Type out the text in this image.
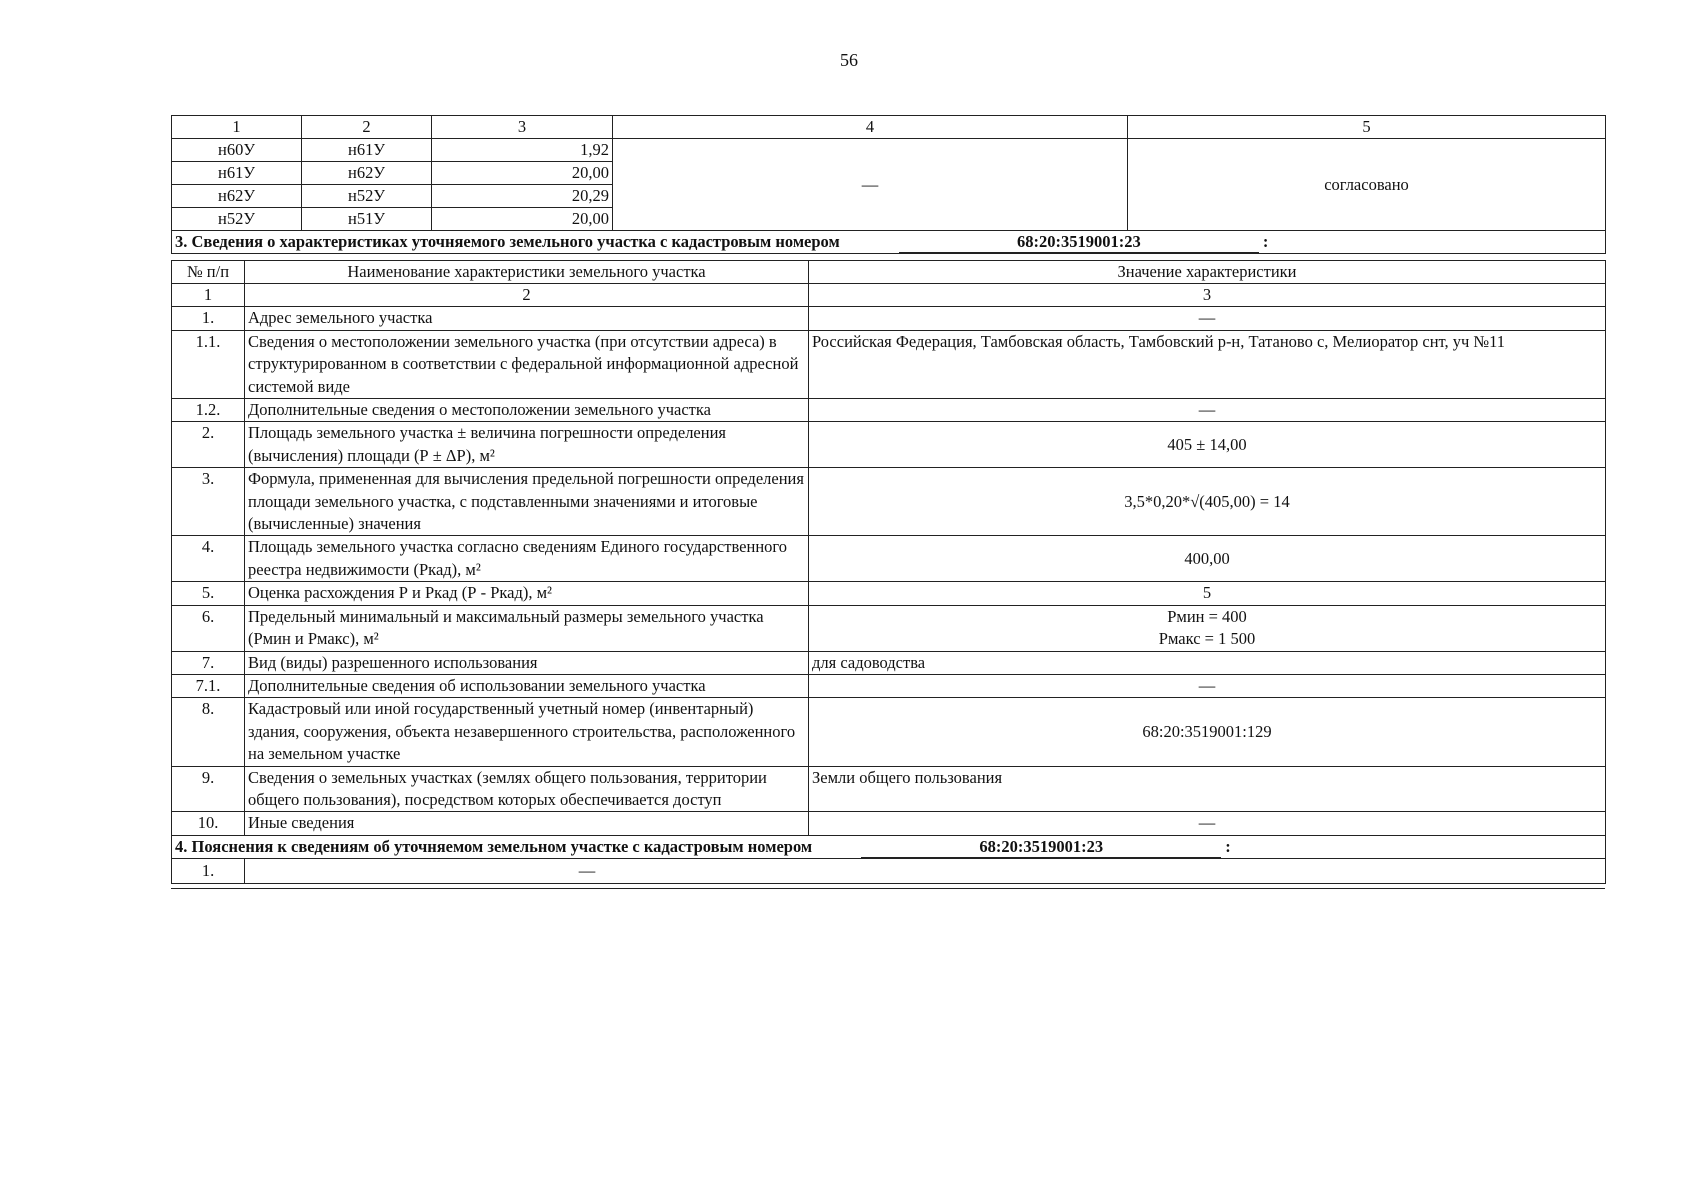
56
1	2	3	4	5
н60У	н61У	1,92	—	согласовано
н61У	н62У	20,00		
н62У	н52У	20,29		
н52У	н51У	20,00		
3. Сведения о характеристиках уточняемого земельного участка с кадастровым номером 68:20:3519001:23 :				
№ п/п	Наименование характеристики земельного участка	Значение характеристики
1	2	3
1.	Адрес земельного участка	—
1.1.	Сведения о местоположении земельного участка (при отсутствии адреса) в структурированном в соответствии с федеральной информационной адресной системой виде	Российская Федерация, Тамбовская область, Тамбовский р-н, Татаново с, Мелиоратор снт, уч №11
1.2.	Дополнительные сведения о местоположении земельного участка	—
2.	Площадь земельного участка ± величина погрешности определения (вычисления) площади (Р ± ΔР), м²	405 ± 14,00
3.	Формула, примененная для вычисления предельной погрешности определения площади земельного участка, с подставленными значениями и итоговые (вычисленные) значения	3,5*0,20*√(405,00) = 14
4.	Площадь земельного участка согласно сведениям Единого государственного реестра недвижимости (Ркад), м²	400,00
5.	Оценка расхождения Р и Ркад (Р - Ркад), м²	5
6.	Предельный минимальный и максимальный размеры земельного участка (Рмин и Рмакс), м²	Рмин = 400
Рмакс = 1 500

7.	Вид (виды) разрешенного использования	для садоводства
7.1.	Дополнительные сведения об использовании земельного участка	—
8.	Кадастровый или иной государственный учетный номер (инвентарный) здания, сооружения, объекта незавершенного строительства, расположенного на земельном участке	68:20:3519001:129
9.	Сведения о земельных участках (землях общего пользования, территории общего пользования), посредством которых обеспечивается доступ	Земли общего пользования
10.	Иные сведения	—
4. Пояснения к сведениям об уточняемом земельном участке с кадастровым номером 68:20:3519001:23 :		
1.	—	
